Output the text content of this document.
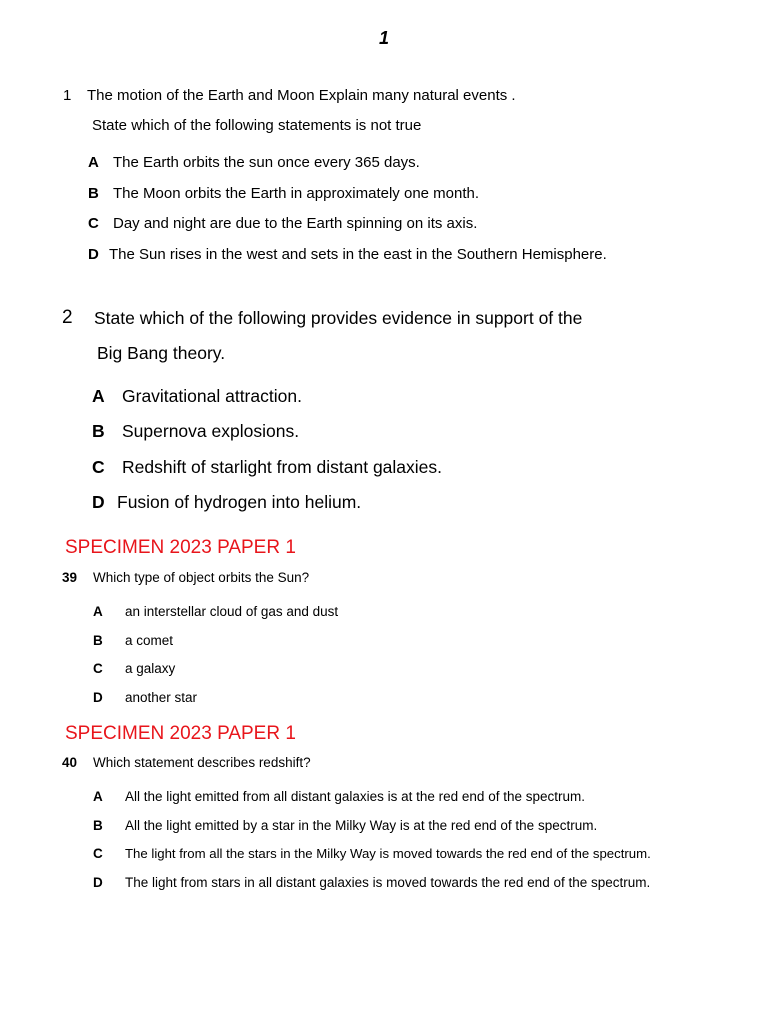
1
1 The motion of the Earth and Moon Explain many natural events .
State which of the following statements is not true
A The Earth orbits the sun once every 365 days.
B The Moon orbits the Earth in approximately one month.
C Day and night are due to the Earth spinning on its axis.
D The Sun rises in the west and sets in the east in the Southern Hemisphere.
2 State which of the following provides evidence in support of the
Big Bang theory.
A Gravitational attraction.
B Supernova explosions.
C Redshift of starlight from distant galaxies.
D Fusion of hydrogen into helium.
SPECIMEN 2023 PAPER 1
39 Which type of object orbits the Sun?
A an interstellar cloud of gas and dust
B a comet
C a galaxy
D another star
SPECIMEN 2023 PAPER 1
40 Which statement describes redshift?
A All the light emitted from all distant galaxies is at the red end of the spectrum.
B All the light emitted by a star in the Milky Way is at the red end of the spectrum.
C The light from all the stars in the Milky Way is moved towards the red end of the spectrum.
D The light from stars in all distant galaxies is moved towards the red end of the spectrum.
